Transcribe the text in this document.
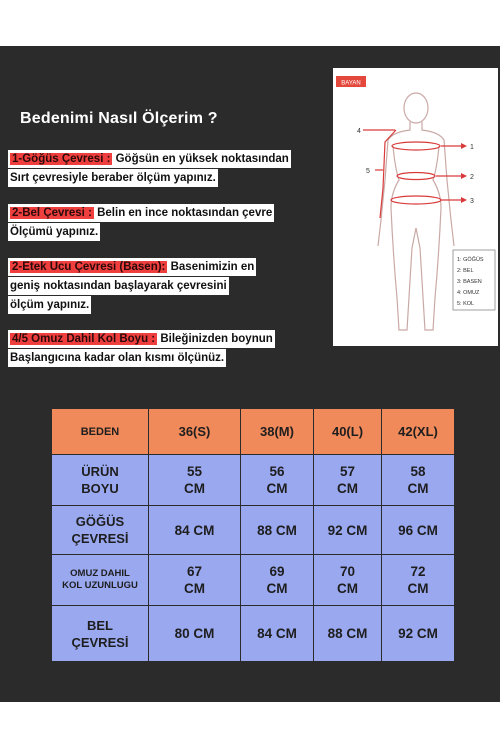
Bedenimi Nasıl Ölçerim ?
1-Göğüs Çevresi : Göğsün en yüksek noktasından
Sırt çevresiyle beraber ölçüm yapınız.
2-Bel Çevresi : Belin en ince noktasından çevre
Ölçümü yapınız.
2-Etek Ucu Çevresi (Basen): Basenimizin en
geniş noktasından başlayarak çevresini
ölçüm yapınız.
4/5 Omuz Dahil Kol Boyu : Bileğinizden boynun
Başlangıcına kadar olan kısmı ölçünüz.
BAYAN
4
1
5
2
3
1: GÖĞÜS
2: BEL
3: BASEN
4: OMUZ
5: KOL
BEDEN	36(S)	38(M)	40(L)	42(XL)
ÜRÜN BOYU	55 CM	56 CM	57 CM	58 CM
GÖĞÜS ÇEVRESİ	84 CM	88 CM	92 CM	96 CM
OMUZ DAHIL KOL UZUNLUGU	67 CM	69 CM	70 CM	72 CM
BEL ÇEVRESİ	80 CM	84 CM	88 CM	92 CM
